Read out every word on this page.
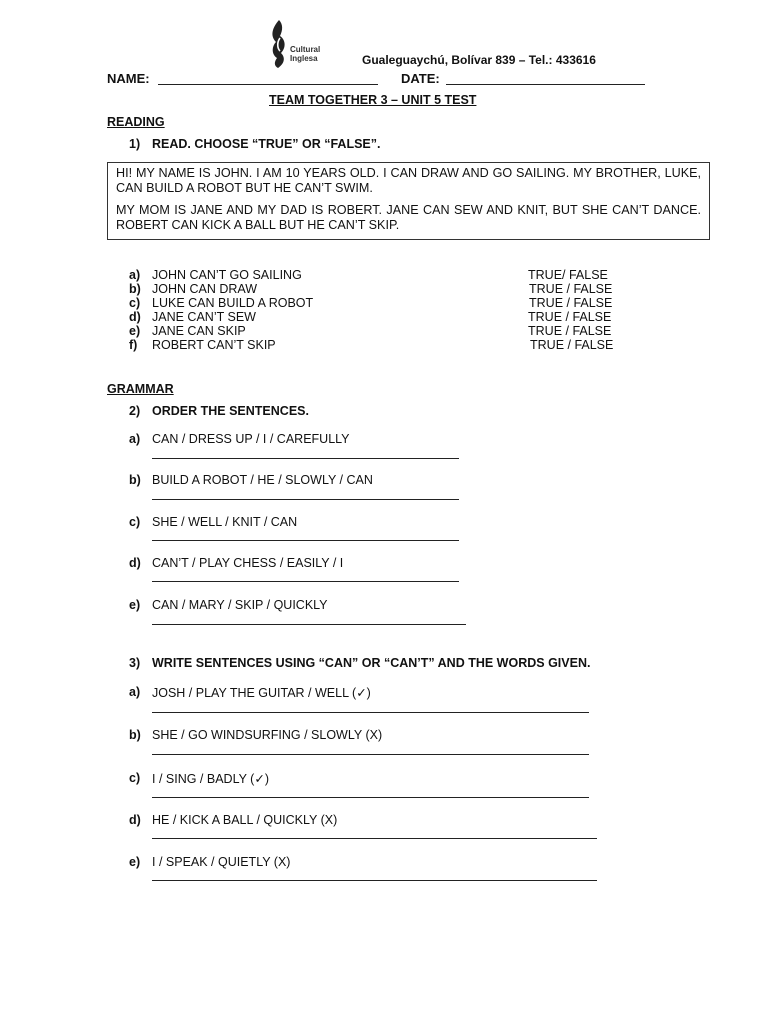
Cultural
Inglesa	Gualeguaychú, Bolívar 839 – Tel.: 433616
NAME:	DATE:
TEAM TOGETHER 3 – UNIT 5 TEST
READING
1) READ. CHOOSE “TRUE” OR “FALSE”.

HI! MY NAME IS JOHN. I AM 10 YEARS OLD. I CAN DRAW AND GO SAILING. MY BROTHER, LUKE, CAN BUILD A ROBOT BUT HE CAN’T SWIM.

MY MOM IS JANE AND MY DAD IS ROBERT. JANE CAN SEW AND KNIT, BUT SHE CAN’T DANCE. ROBERT CAN KICK A BALL BUT HE CAN’T SKIP.

a) JOHN CAN’T GO SAILING	TRUE/ FALSE
b) JOHN CAN DRAW	TRUE / FALSE
c) LUKE CAN BUILD A ROBOT	TRUE / FALSE
d) JANE CAN’T SEW	TRUE / FALSE
e) JANE CAN SKIP	TRUE / FALSE
f) ROBERT CAN’T SKIP	TRUE / FALSE
GRAMMAR
2) ORDER THE SENTENCES.
a) CAN / DRESS UP / I / CAREFULLY
b) BUILD A ROBOT / HE / SLOWLY / CAN
c) SHE / WELL / KNIT / CAN
d) CAN’T / PLAY CHESS / EASILY / I
e) CAN / MARY / SKIP / QUICKLY
3) WRITE SENTENCES USING “CAN” OR “CAN’T” AND THE WORDS GIVEN.
a) JOSH / PLAY THE GUITAR / WELL (✓)
b) SHE / GO WINDSURFING / SLOWLY (X)
c) I / SING / BADLY (✓)
d) HE / KICK A BALL / QUICKLY (X)
e) I / SPEAK / QUIETLY (X)
